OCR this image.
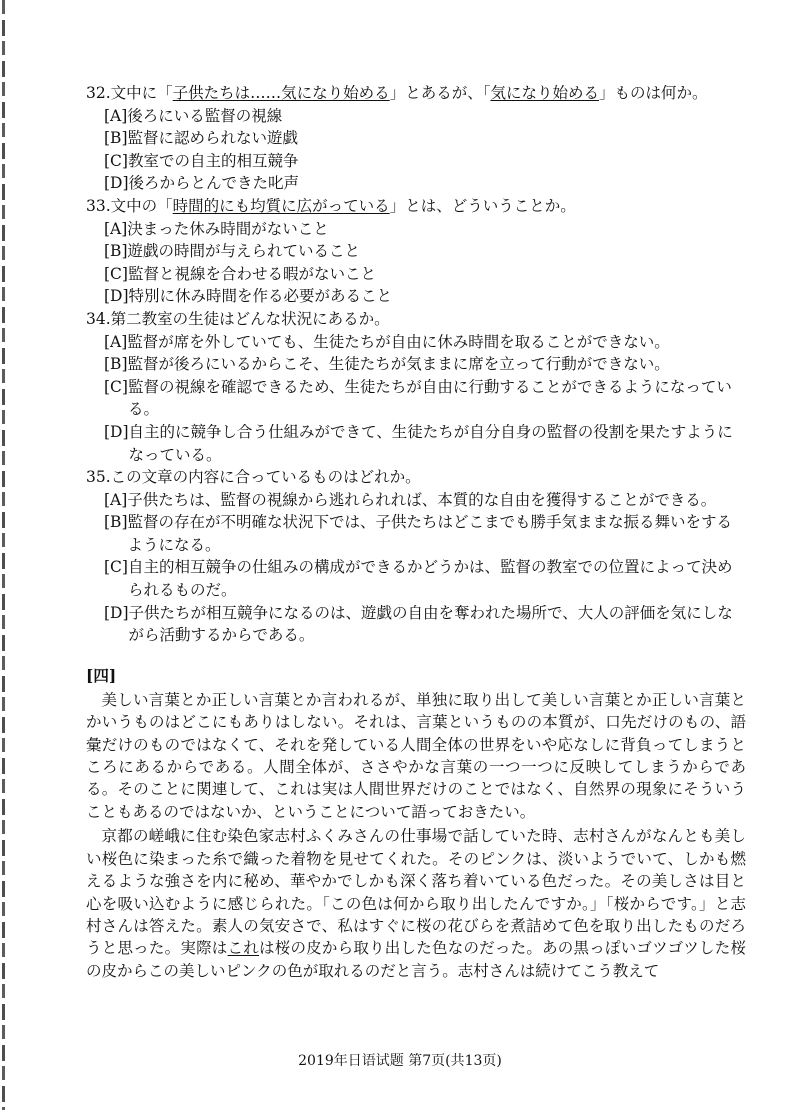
32.文中に「子供たちは……気になり始める」とあるが、「気になり始める」ものは何か。
[A] 後ろにいる監督の視線
[B] 監督に認められない遊戯
[C] 教室での自主的相互競争
[D] 後ろからとんできた叱声
33.文中の「時間的にも均質に広がっている」とは、どういうことか。
[A] 決まった休み時間がないこと
[B] 遊戯の時間が与えられていること
[C] 監督と視線を合わせる暇がないこと
[D] 特別に休み時間を作る必要があること
34.第二教室の生徒はどんな状況にあるか。
[A] 監督が席を外していても、生徒たちが自由に休み時間を取ることができない。
[B] 監督が後ろにいるからこそ、生徒たちが気ままに席を立って行動ができない。
[C] 監督の視線を確認できるため、生徒たちが自由に行動することができるようになっている。
[D] 自主的に競争し合う仕組みができて、生徒たちが自分自身の監督の役割を果たすようになっている。
35.この文章の内容に合っているものはどれか。
[A] 子供たちは、監督の視線から逃れられれば、本質的な自由を獲得することができる。
[B] 監督の存在が不明確な状況下では、子供たちはどこまでも勝手気ままな振る舞いをするようになる。
[C] 自主的相互競争の仕組みの構成ができるかどうかは、監督の教室での位置によって決められるものだ。
[D] 子供たちが相互競争になるのは、遊戯の自由を奪われた場所で、大人の評価を気にしながら活動するからである。
[四]

美しい言葉とか正しい言葉とか言われるが、単独に取り出して美しい言葉とか正しい言葉とかいうものはどこにもありはしない。それは、言葉というものの本質が、口先だけのもの、語彙だけのものではなくて、それを発している人間全体の世界をいや応なしに背負ってしまうところにあるからである。人間全体が、ささやかな言葉の一つ一つに反映してしまうからである。そのことに関連して、これは実は人間世界だけのことではなく、自然界の現象にそういうこともあるのではないか、ということについて語っておきたい。

京都の嵯峨に住む染色家志村ふくみさんの仕事場で話していた時、志村さんがなんとも美しい桜色に染まった糸で織った着物を見せてくれた。そのピンクは、淡いようでいて、しかも燃えるような強さを内に秘め、華やかでしかも深く落ち着いている色だった。その美しさは目と心を吸い込むように感じられた。「この色は何から取り出したんですか。」「桜からです。」と志村さんは答えた。素人の気安さで、私はすぐに桜の花びらを煮詰めて色を取り出したものだろうと思った。実際はこれは桜の皮から取り出した色なのだった。あの黒っぽいゴツゴツした桜の皮からこの美しいピンクの色が取れるのだと言う。志村さんは続けてこう教えて

2019年日语试题 第7页(共13页)
